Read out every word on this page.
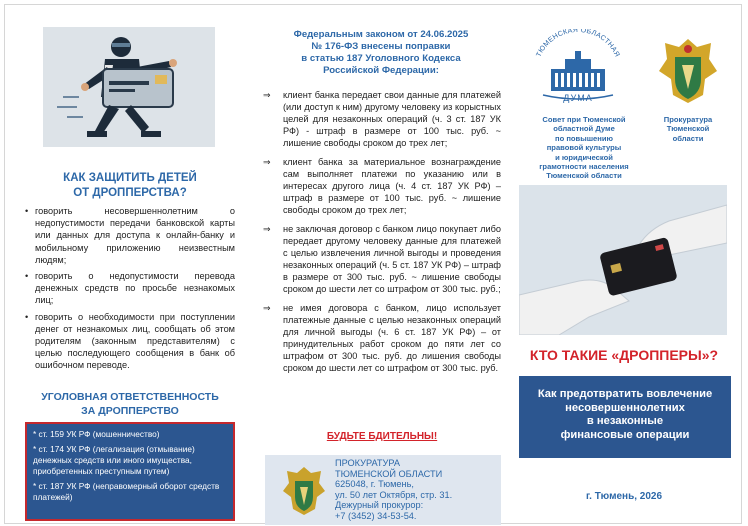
КАК ЗАЩИТИТЬ ДЕТЕЙ
ОТ ДРОППЕРСТВА?
• говорить несовершеннолетним о недопустимости передачи банковской карты или данных для доступа к онлайн-банку и мобильному приложению неизвестным людям;
• говорить о недопустимости перевода денежных средств по просьбе незнакомых лиц;
• говорить о необходимости при поступлении денег от незнакомых лиц, сообщать об этом родителям (законным представителям) с целью последующего сообщения в банк об ошибочном переводе.
УГОЛОВНАЯ ОТВЕТСТВЕННОСТЬ
ЗА ДРОППЕРСТВО

* ст. 159 УК РФ (мошенничество)

* ст. 174 УК РФ (легализация (отмывание) денежных средств или иного имущества, приобретенных преступным путем)

* ст. 187 УК РФ (неправомерный оборот средств платежей)

Федеральным законом от 24.06.2025
№ 176-ФЗ внесены поправки
в статью 187 Уголовного Кодекса
Российской Федерации:
⇒ клиент банка передает свои данные для платежей (или доступ к ним) другому человеку из корыстных целей для незаконных операций (ч. 3 ст. 187 УК РФ) - штраф в размере от 100 тыс. руб. ~ лишение свободы сроком до трех лет;
⇒ клиент банка за материальное вознаграждение сам выполняет платежи по указанию или в интересах другого лица (ч. 4 ст. 187 УК РФ) – штраф в размере от 100 тыс. руб. ~ лишение свободы сроком до трех лет;
⇒ не заключая договор с банком лицо покупает либо передает другому человеку данные для платежей с целью извлечения личной выгоды и проведения незаконных операций (ч. 5 ст. 187 УК РФ) – штраф в размере от 300 тыс. руб. ~ лишение свободы сроком до шести лет со штрафом от 300 тыс. руб.;
⇒ не имея договора с банком, лицо использует платежные данные с целью незаконных операций для личной выгоды (ч. 6 ст. 187 УК РФ) – от принудительных работ сроком до пяти лет со штрафом от 300 тыс. руб. до лишения свободы сроком до шести лет со штрафом от 300 тыс. руб.
БУДЬТЕ БДИТЕЛЬНЫ!
ПРОКУРАТУРА
ТЮМЕНСКОЙ ОБЛАСТИ
625048, г. Тюмень,
ул. 50 лет Октября, стр. 31.
Дежурный прокурор:
+7 (3452) 34-53-54.
ТЮМЕНСКАЯ ОБЛАСТНАЯ
ДУМА
Совет при Тюменской
областной Думе
по повышению
правовой культуры
и юридической
грамотности населения
Тюменской области
Прокуратура
Тюменской
области
КТО ТАКИЕ «ДРОППЕРЫ»?
Как предотвратить вовлечение
несовершеннолетних
в незаконные
финансовые операции
г. Тюмень, 2026
